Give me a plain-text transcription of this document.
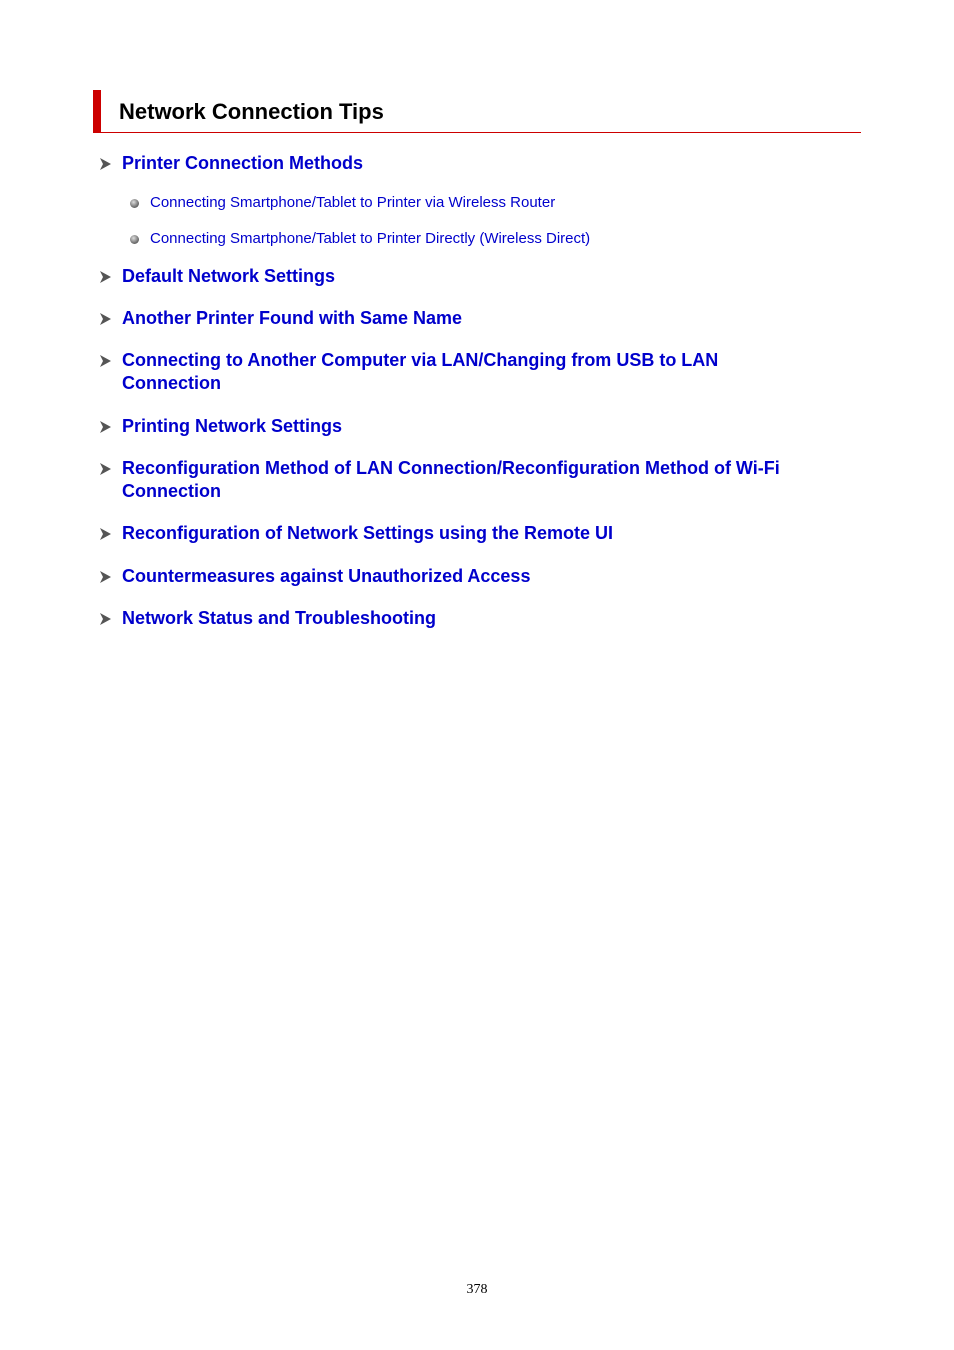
Network Connection Tips
Printer Connection Methods
Connecting Smartphone/Tablet to Printer via Wireless Router
Connecting Smartphone/Tablet to Printer Directly (Wireless Direct)
Default Network Settings
Another Printer Found with Same Name
Connecting to Another Computer via LAN/Changing from USB to LAN Connection
Printing Network Settings
Reconfiguration Method of LAN Connection/Reconfiguration Method of Wi-Fi Connection
Reconfiguration of Network Settings using the Remote UI
Countermeasures against Unauthorized Access
Network Status and Troubleshooting
378
